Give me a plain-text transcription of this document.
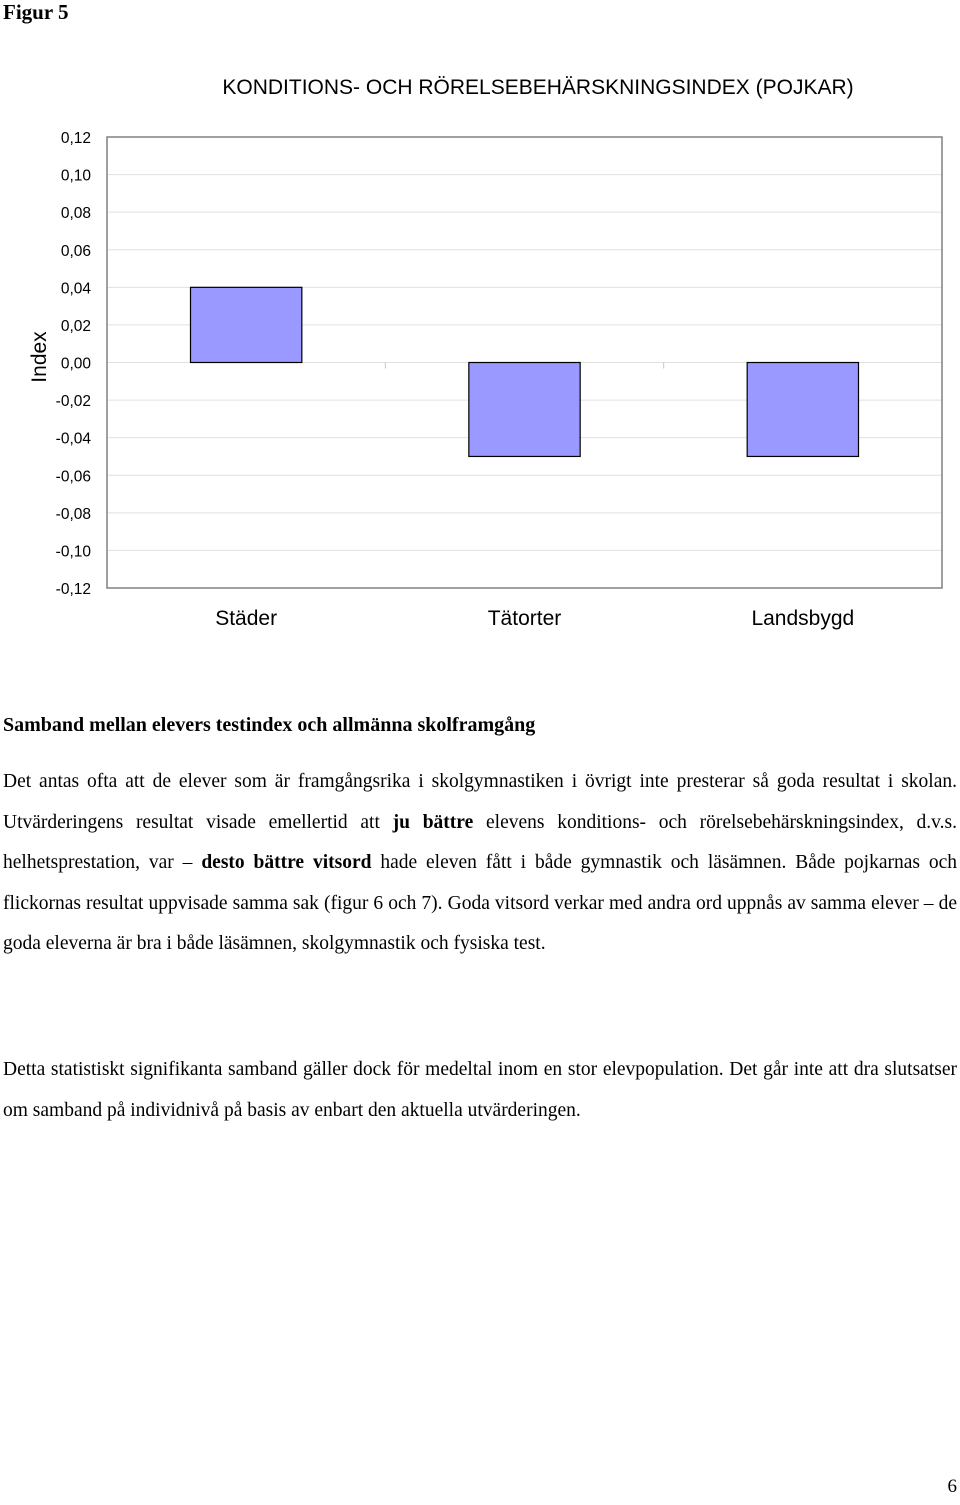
Figur 5
KONDITIONS- OCH RÖRELSEBEHÄRSKNINGSINDEX (POJKAR)
Index
0,12
0,10
0,08
0,06
0,04
0,02
0,00
-0,02
-0,04
-0,06
-0,08
-0,10
-0,12
Städer	Tätorter	Landsbygd
Samband mellan elevers testindex och allmänna skolframgång

Det antas ofta att de elever som är framgångsrika i skolgymnastiken i övrigt inte presterar så goda resultat i skolan. Utvärderingens resultat visade emellertid att ju bättre elevens konditions- och rörelsebehärskningsindex, d.v.s. helhetsprestation, var – desto bättre vitsord hade eleven fått i både gymnastik och läsämnen. Både pojkarnas och flickornas resultat uppvisade samma sak (figur 6 och 7). Goda vitsord verkar med andra ord uppnås av samma elever – de goda eleverna är bra i både läsämnen, skolgymnastik och fysiska test.

Detta statistiskt signifikanta samband gäller dock för medeltal inom en stor elevpopulation. Det går inte att dra slutsatser om samband på individnivå på basis av enbart den aktuella utvärderingen.

6
